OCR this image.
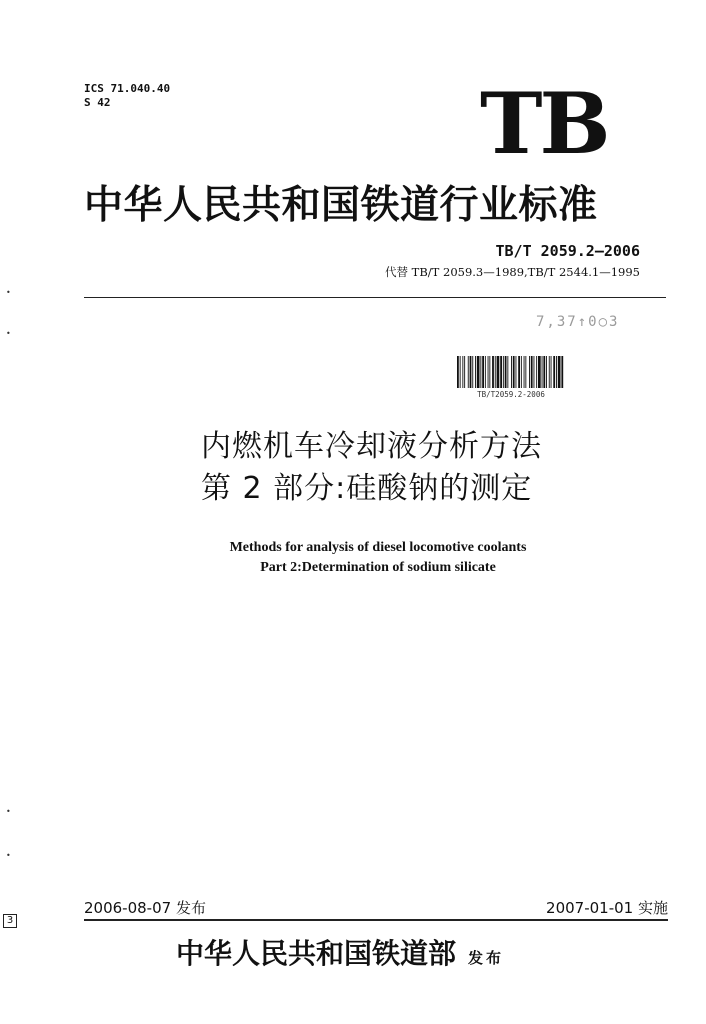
ICS 71.040.40
S 42	TB
中华人民共和国铁道行业标准
TB/T 2059.2—2006
代替 TB/T 2059.3—1989,TB/T 2544.1—1995
7,37↑0○3
TB/T2059.2-2006
内燃机车冷却液分析方法
第 2 部分:硅酸钠的测定
Methods for analysis of diesel locomotive coolants
Part 2:Determination of sodium silicate
•
•
•
•
2006-08-07 发布	2007-01-01 实施
3
中华人民共和国铁道部 发布
